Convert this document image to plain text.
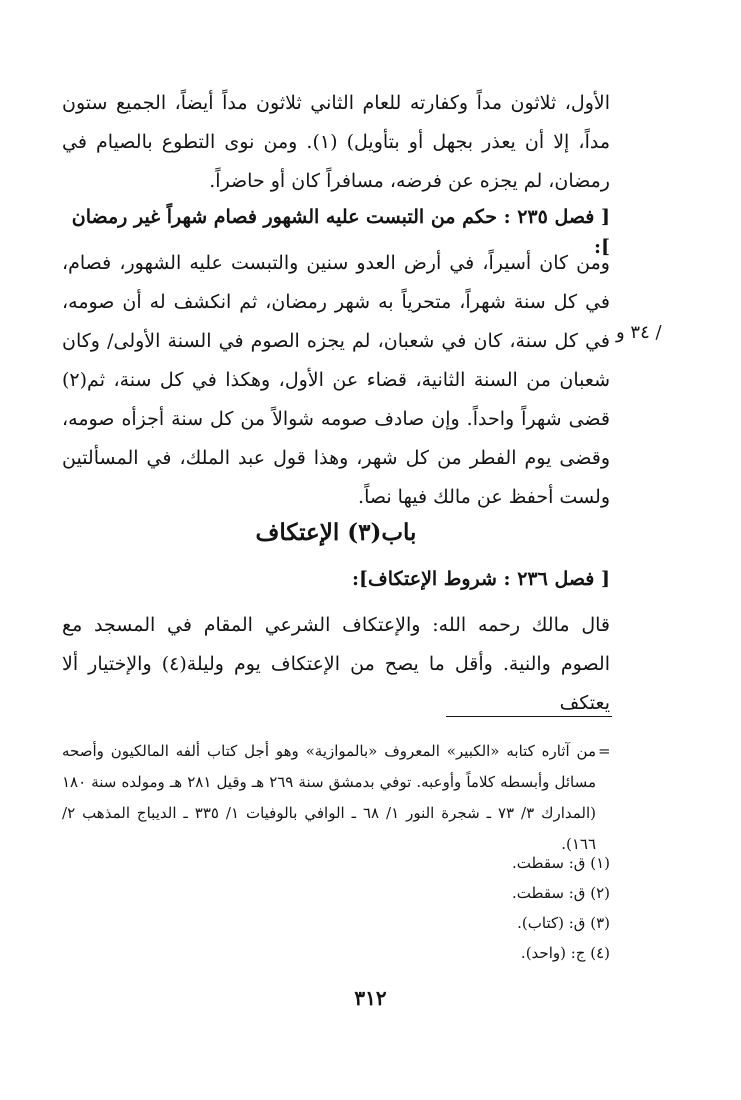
الأول، ثلاثون مداً وكفارته للعام الثاني ثلاثون مداً أيضاً، الجميع ستون مداً، إلا أن يعذر بجهل أو بتأويل) (١). ومن نوى التطوع بالصيام في رمضان، لم يجزه عن فرضه، مسافراً كان أو حاضراً.

[ فصل ٢٣٥ : حكم من التبست عليه الشهور فصام شهراً غير رمضان ]:

ومن كان أسيراً، في أرض العدو سنين والتبست عليه الشهور، فصام، في كل سنة شهراً، متحرياً به شهر رمضان، ثم انكشف له أن صومه، في كل سنة، كان في شعبان، لم يجزه الصوم في السنة الأولى/ وكان شعبان من السنة الثانية، قضاء عن الأول، وهكذا في كل سنة، ثم(٢) قضى شهراً واحداً. وإن صادف صومه شوالاً من كل سنة أجزأه صومه، وقضى يوم الفطر من كل شهر، وهذا قول عبد الملك، في المسألتين ولست أحفظ عن مالك فيها نصاً.

/ ٣٤ و
باب(٣) الإعتكاف

[ فصل ٢٣٦ : شروط الإعتكاف]:

قال مالك رحمه الله: والإعتكاف الشرعي المقام في المسجد مع الصوم والنية. وأقل ما يصح من الإعتكاف يوم وليلة(٤) والإختيار ألا يعتكف

=

من آثاره كتابه «الكبير» المعروف «بالموازية» وهو أجل كتاب ألفه المالكيون وأصحه مسائل وأبسطه كلاماً وأوعبه. توفي بدمشق سنة ٢٦٩ هـ وقيل ٢٨١ هـ ومولده سنة ١٨٠ (المدارك ٣/ ٧٣ ـ شجرة النور ١/ ٦٨ ـ الوافي بالوفيات ١/ ٣٣٥ ـ الديباج المذهب ٢/ ١٦٦).

(١) ق: سقطت.
(٢) ق: سقطت.
(٣) ق: (كتاب).
(٤) ج: (واحد).
٣١٢
